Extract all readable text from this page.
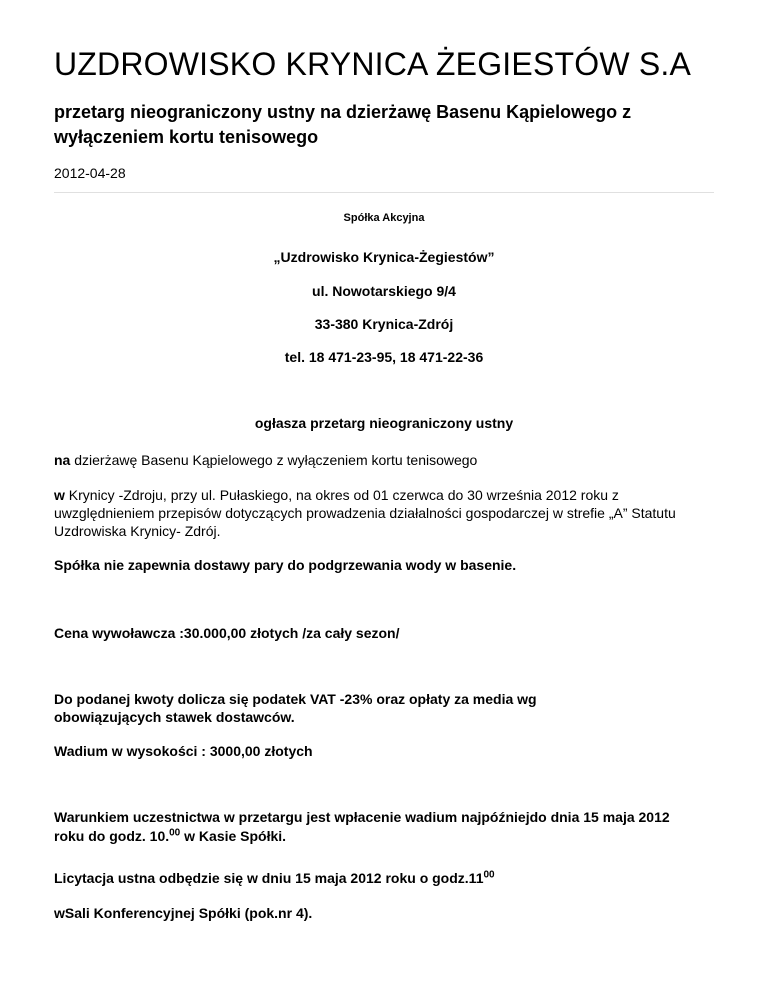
UZDROWISKO KRYNICA ŻEGIESTÓW S.A
przetarg nieograniczony ustny na dzierżawę Basenu Kąpielowego z wyłączeniem kortu tenisowego
2012-04-28
Spółka Akcyjna
„Uzdrowisko Krynica-Żegiestów”
ul. Nowotarskiego 9/4
33-380 Krynica-Zdrój
tel. 18 471-23-95, 18 471-22-36
ogłasza przetarg nieograniczony ustny
na dzierżawę Basenu Kąpielowego z wyłączeniem kortu tenisowego
w Krynicy -Zdroju, przy ul. Pułaskiego, na okres od 01 czerwca do 30 września 2012 roku z uwzględnieniem przepisów dotyczących prowadzenia działalności gospodarczej w strefie „A” Statutu Uzdrowiska Krynicy- Zdrój.
Spółka nie zapewnia dostawy pary do podgrzewania wody w basenie.
Cena wywoławcza :30.000,00 złotych /za cały sezon/
Do podanej kwoty dolicza się podatek VAT -23% oraz opłaty za media wg obowiązujących stawek dostawców.
Wadium w wysokości : 3000,00 złotych
Warunkiem uczestnictwa w przetargu jest wpłacenie wadium najpóźniejdo dnia 15 maja 2012 roku do godz. 10.00 w Kasie Spółki.
Licytacja ustna odbędzie się w dniu 15 maja 2012 roku o $godz.11^{00}$
wSali Konferencyjnej Spółki (pok.nr 4).
